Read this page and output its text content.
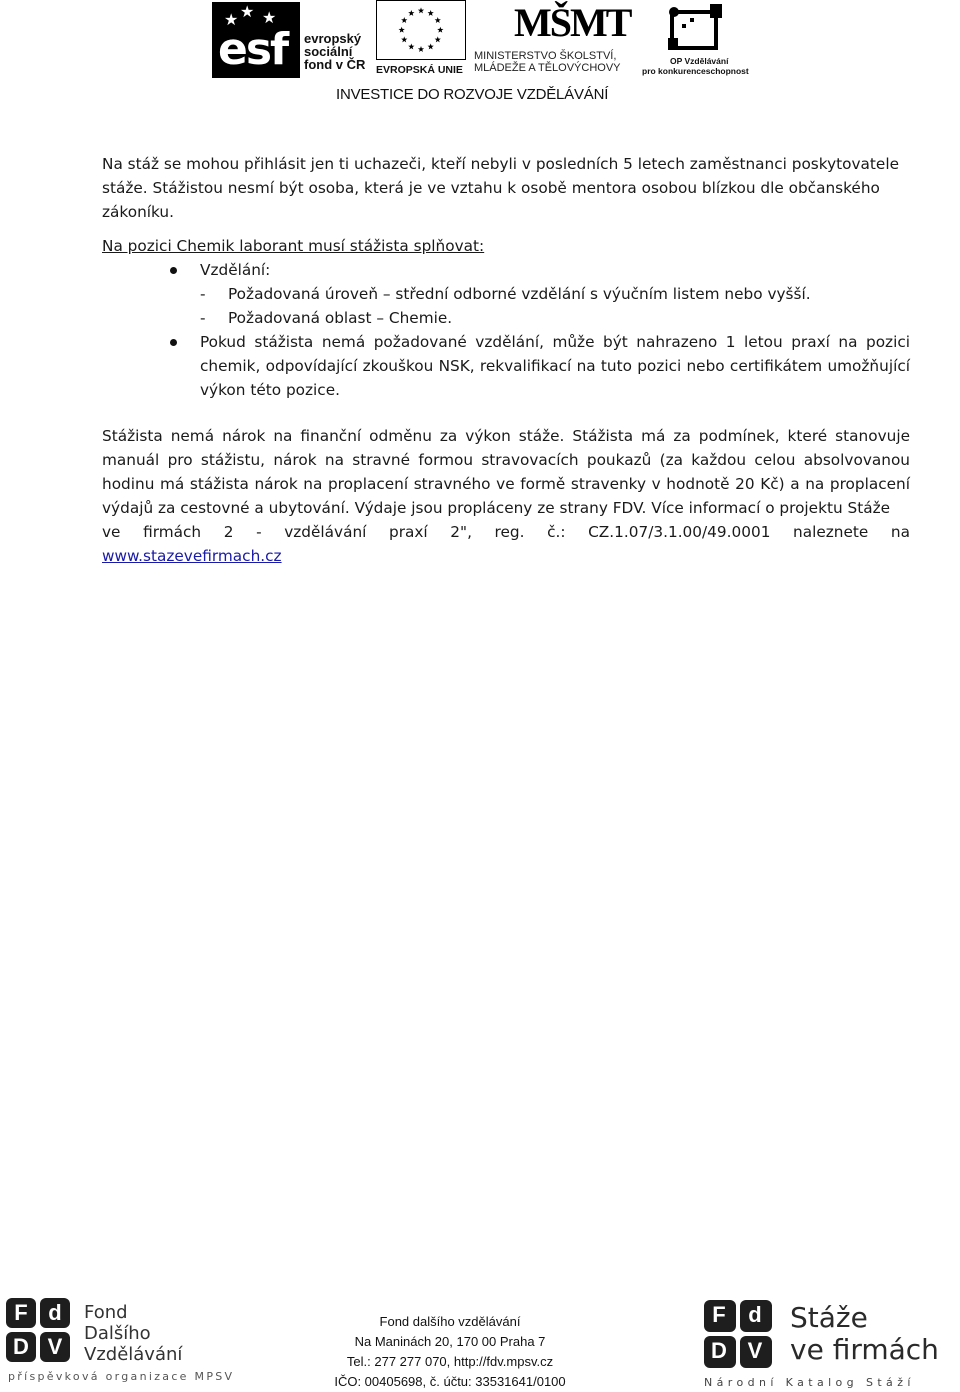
★ ★
★
esf evropský
sociální
fond v ČR EVROPSKÁ UNIE
MŠMT
MINISTERSTVO ŠKOLSTVÍ,
MLÁDEŽE A TĚLOVÝCHOVY
OP Vzdělávání
pro konkurenceschopnost
INVESTICE DO ROZVOJE VZDĚLÁVÁNÍ

Na stáž se mohou přihlásit jen ti uchazeči, kteří nebyli v posledních 5 letech zaměstnanci poskytovatele stáže. Stážistou nesmí být osoba, která je ve vztahu k osobě mentora osobou blízkou dle občanského zákoníku.

Na pozici Chemik laborant musí stážista splňovat:

Vzdělání:

- Požadovaná úroveň – střední odborné vzdělání s výučním listem nebo vyšší.

- Požadovaná oblast – Chemie.

Pokud stážista nemá požadované vzdělání, může být nahrazeno 1 letou praxí na pozici chemik, odpovídající zkouškou NSK, rekvalifikací na tuto pozici nebo certifikátem umožňující výkon této pozice.

Stážista nemá nárok na finanční odměnu za výkon stáže. Stážista má za podmínek, které stanovuje manuál pro stážistu, nárok na stravné formou stravovacích poukazů (za každou celou absolvovanou hodinu má stážista nárok na proplacení stravného ve formě stravenky v hodnotě 20 Kč) a na proplacení výdajů za cestovné a ubytování. Výdaje jsou propláceny ze strany FDV. Více informací o projektu Stáže
ve firmách 2 - vzdělávání praxí 2", reg. č.: CZ.1.07/3.1.00/49.0001 naleznete na
www.stazevefirmach.cz

F d
D V
Fond
Dalšího
Vzdělávání
příspěvková organizace MPSV
Fond dalšího vzdělávání
Na Maninách 20, 170 00 Praha 7
Tel.: 277 277 070, http://fdv.mpsv.cz
IČO: 00405698, č. účtu: 33531641/0100
F	d
D V
Stáže
ve firmách
Národní Katalog Stáží
